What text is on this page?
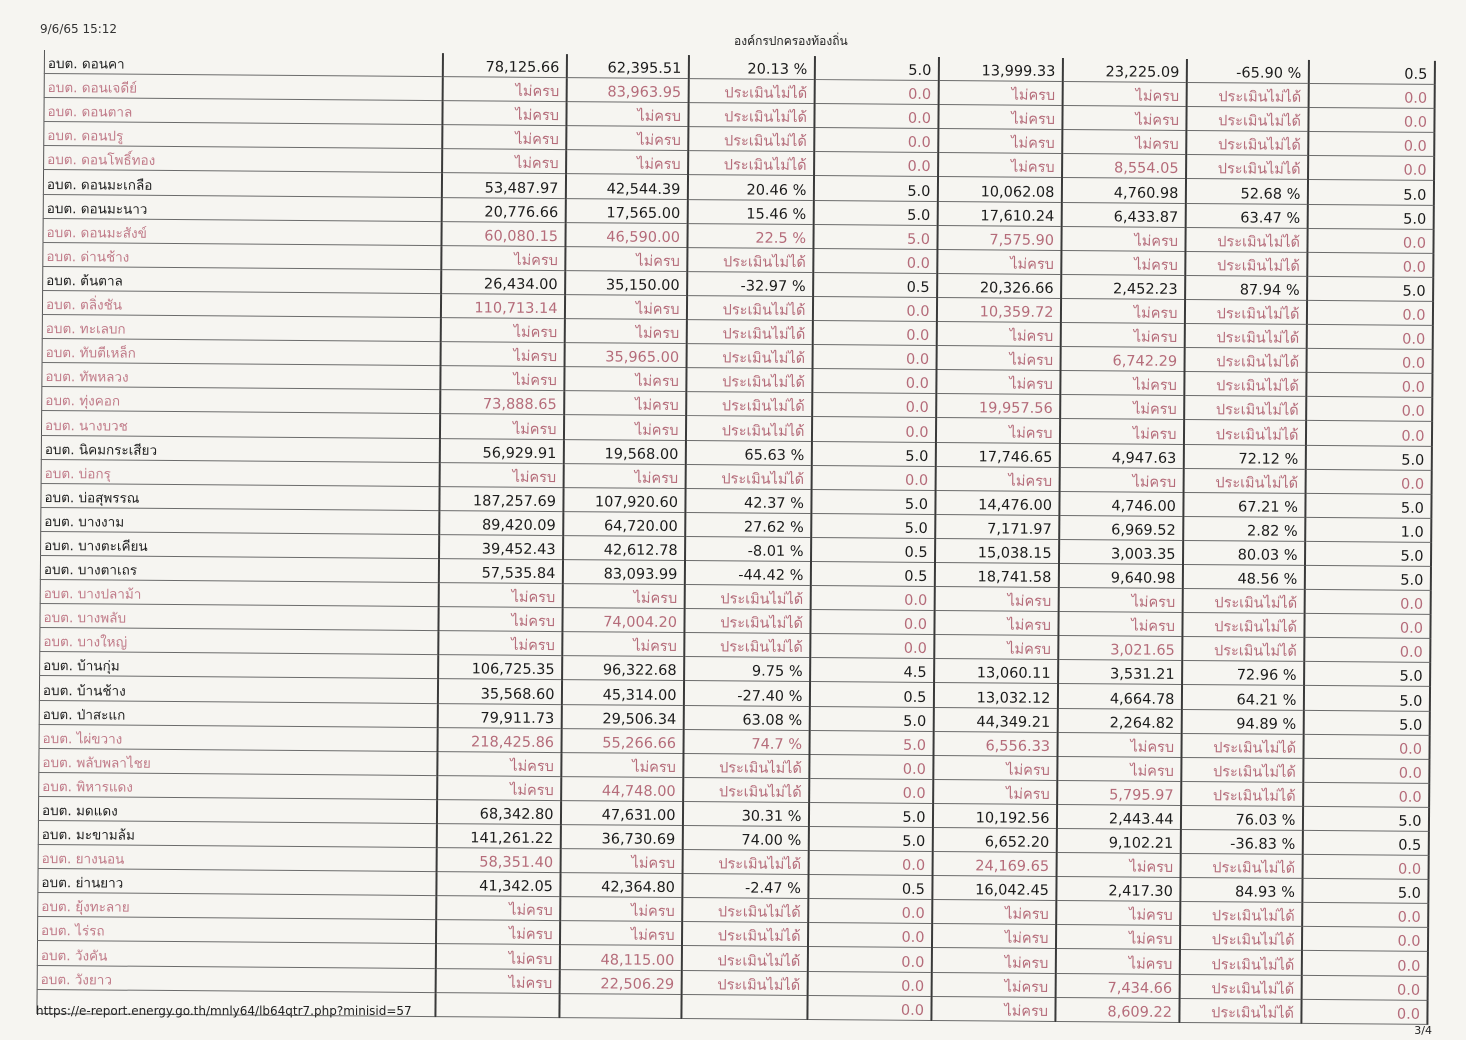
9/6/65 15:12
องค์กรปกครองท้องถิ่น
อบต. ดอนคา	78,125.66	62,395.51	20.13 %	5.0	13,999.33	23,225.09	-65.90 %	0.5
อบต. ดอนเจดีย์	ไม่ครบ	83,963.95	ประเมินไม่ได้	0.0	ไม่ครบ	ไม่ครบ	ประเมินไม่ได้	0.0
อบต. ดอนตาล	ไม่ครบ	ไม่ครบ	ประเมินไม่ได้	0.0	ไม่ครบ	ไม่ครบ	ประเมินไม่ได้	0.0
อบต. ดอนปรู	ไม่ครบ	ไม่ครบ	ประเมินไม่ได้	0.0	ไม่ครบ	ไม่ครบ	ประเมินไม่ได้	0.0
อบต. ดอนโพธิ์ทอง	ไม่ครบ	ไม่ครบ	ประเมินไม่ได้	0.0	ไม่ครบ	8,554.05	ประเมินไม่ได้	0.0
อบต. ดอนมะเกลือ	53,487.97	42,544.39	20.46 %	5.0	10,062.08	4,760.98	52.68 %	5.0
อบต. ดอนมะนาว	20,776.66	17,565.00	15.46 %	5.0	17,610.24	6,433.87	63.47 %	5.0
อบต. ดอนมะสังข์	60,080.15	46,590.00	22.5 %	5.0	7,575.90	ไม่ครบ	ประเมินไม่ได้	0.0
อบต. ด่านช้าง	ไม่ครบ	ไม่ครบ	ประเมินไม่ได้	0.0	ไม่ครบ	ไม่ครบ	ประเมินไม่ได้	0.0
อบต. ต้นตาล	26,434.00	35,150.00	-32.97 %	0.5	20,326.66	2,452.23	87.94 %	5.0
อบต. ตลิ่งชัน	110,713.14	ไม่ครบ	ประเมินไม่ได้	0.0	10,359.72	ไม่ครบ	ประเมินไม่ได้	0.0
อบต. ทะเลบก	ไม่ครบ	ไม่ครบ	ประเมินไม่ได้	0.0	ไม่ครบ	ไม่ครบ	ประเมินไม่ได้	0.0
อบต. ทับตีเหล็ก	ไม่ครบ	35,965.00	ประเมินไม่ได้	0.0	ไม่ครบ	6,742.29	ประเมินไม่ได้	0.0
อบต. ทัพหลวง	ไม่ครบ	ไม่ครบ	ประเมินไม่ได้	0.0	ไม่ครบ	ไม่ครบ	ประเมินไม่ได้	0.0
อบต. ทุ่งคอก	73,888.65	ไม่ครบ	ประเมินไม่ได้	0.0	19,957.56	ไม่ครบ	ประเมินไม่ได้	0.0
อบต. นางบวช	ไม่ครบ	ไม่ครบ	ประเมินไม่ได้	0.0	ไม่ครบ	ไม่ครบ	ประเมินไม่ได้	0.0
อบต. นิคมกระเสียว	56,929.91	19,568.00	65.63 %	5.0	17,746.65	4,947.63	72.12 %	5.0
อบต. บ่อกรุ	ไม่ครบ	ไม่ครบ	ประเมินไม่ได้	0.0	ไม่ครบ	ไม่ครบ	ประเมินไม่ได้	0.0
อบต. บ่อสุพรรณ	187,257.69	107,920.60	42.37 %	5.0	14,476.00	4,746.00	67.21 %	5.0
อบต. บางงาม	89,420.09	64,720.00	27.62 %	5.0	7,171.97	6,969.52	2.82 %	1.0
อบต. บางตะเคียน	39,452.43	42,612.78	-8.01 %	0.5	15,038.15	3,003.35	80.03 %	5.0
อบต. บางตาเถร	57,535.84	83,093.99	-44.42 %	0.5	18,741.58	9,640.98	48.56 %	5.0
อบต. บางปลาม้า	ไม่ครบ	ไม่ครบ	ประเมินไม่ได้	0.0	ไม่ครบ	ไม่ครบ	ประเมินไม่ได้	0.0
อบต. บางพลับ	ไม่ครบ	74,004.20	ประเมินไม่ได้	0.0	ไม่ครบ	ไม่ครบ	ประเมินไม่ได้	0.0
อบต. บางใหญ่	ไม่ครบ	ไม่ครบ	ประเมินไม่ได้	0.0	ไม่ครบ	3,021.65	ประเมินไม่ได้	0.0
อบต. บ้านกุ่ม	106,725.35	96,322.68	9.75 %	4.5	13,060.11	3,531.21	72.96 %	5.0
อบต. บ้านช้าง	35,568.60	45,314.00	-27.40 %	0.5	13,032.12	4,664.78	64.21 %	5.0
อบต. ป่าสะแก	79,911.73	29,506.34	63.08 %	5.0	44,349.21	2,264.82	94.89 %	5.0
อบต. ไผ่ขวาง	218,425.86	55,266.66	74.7 %	5.0	6,556.33	ไม่ครบ	ประเมินไม่ได้	0.0
อบต. พลับพลาไชย	ไม่ครบ	ไม่ครบ	ประเมินไม่ได้	0.0	ไม่ครบ	ไม่ครบ	ประเมินไม่ได้	0.0
อบต. พิหารแดง	ไม่ครบ	44,748.00	ประเมินไม่ได้	0.0	ไม่ครบ	5,795.97	ประเมินไม่ได้	0.0
อบต. มดแดง	68,342.80	47,631.00	30.31 %	5.0	10,192.56	2,443.44	76.03 %	5.0
อบต. มะขามล้ม	141,261.22	36,730.69	74.00 %	5.0	6,652.20	9,102.21	-36.83 %	0.5
อบต. ยางนอน	58,351.40	ไม่ครบ	ประเมินไม่ได้	0.0	24,169.65	ไม่ครบ	ประเมินไม่ได้	0.0
อบต. ย่านยาว	41,342.05	42,364.80	-2.47 %	0.5	16,042.45	2,417.30	84.93 %	5.0
อบต. ยุ้งทะลาย	ไม่ครบ	ไม่ครบ	ประเมินไม่ได้	0.0	ไม่ครบ	ไม่ครบ	ประเมินไม่ได้	0.0
อบต. ไร่รถ	ไม่ครบ	ไม่ครบ	ประเมินไม่ได้	0.0	ไม่ครบ	ไม่ครบ	ประเมินไม่ได้	0.0
อบต. วังคัน	ไม่ครบ	48,115.00	ประเมินไม่ได้	0.0	ไม่ครบ	ไม่ครบ	ประเมินไม่ได้	0.0
อบต. วังยาว	ไม่ครบ	22,506.29	ประเมินไม่ได้	0.0	ไม่ครบ	7,434.66	ประเมินไม่ได้	0.0
				0.0	ไม่ครบ	8,609.22	ประเมินไม่ได้	0.0
https://e-report.energy.go.th/mnly64/lb64qtr7.php?minisid=57
3/4
